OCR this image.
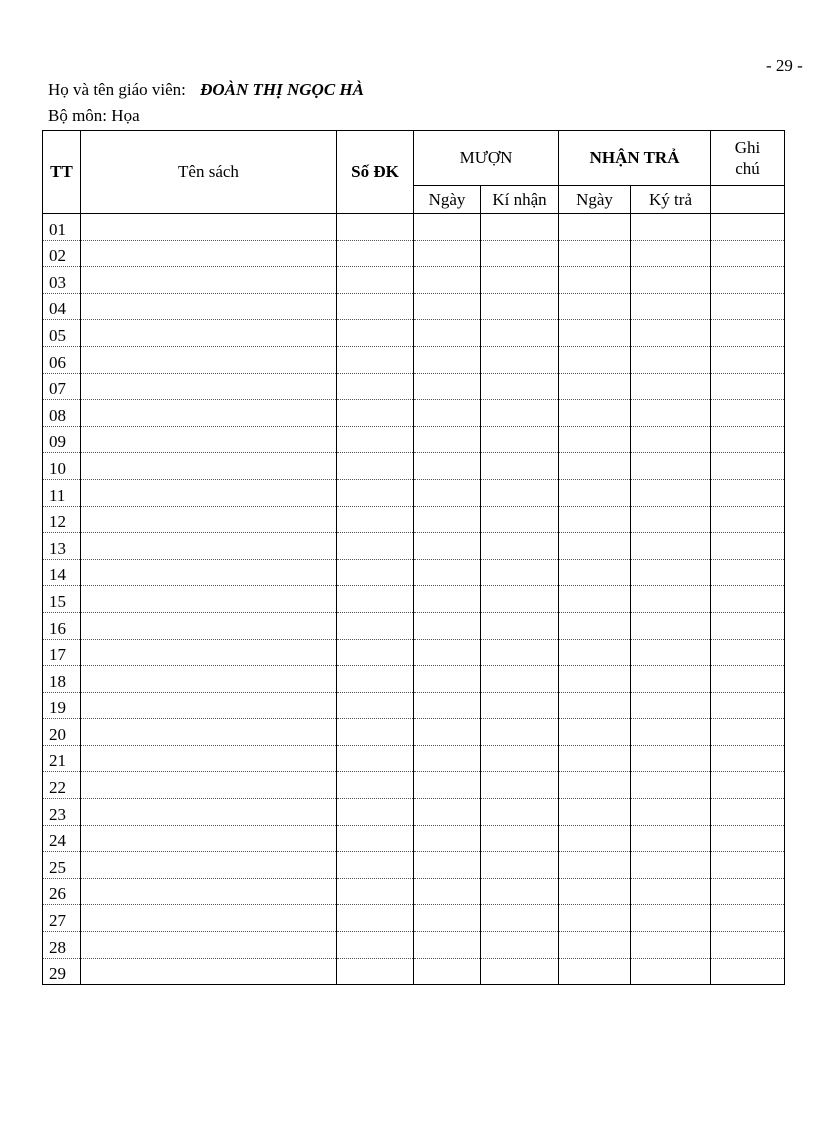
- 29 -
Họ và tên giáo viên: ĐOÀN THỊ NGỌC HÀ
Bộ môn: Họa
TT	Tên sách	Số ĐK	MƯỢN		NHẬN TRẢ		Ghi
chú
			Ngày	Kí nhận	Ngày	Ký trả	
01							
02							
03							
04							
05							
06							
07							
08							
09							
10							
11							
12							
13							
14							
15							
16							
17							
18							
19							
20							
21							
22							
23							
24							
25							
26							
27							
28							
29							
